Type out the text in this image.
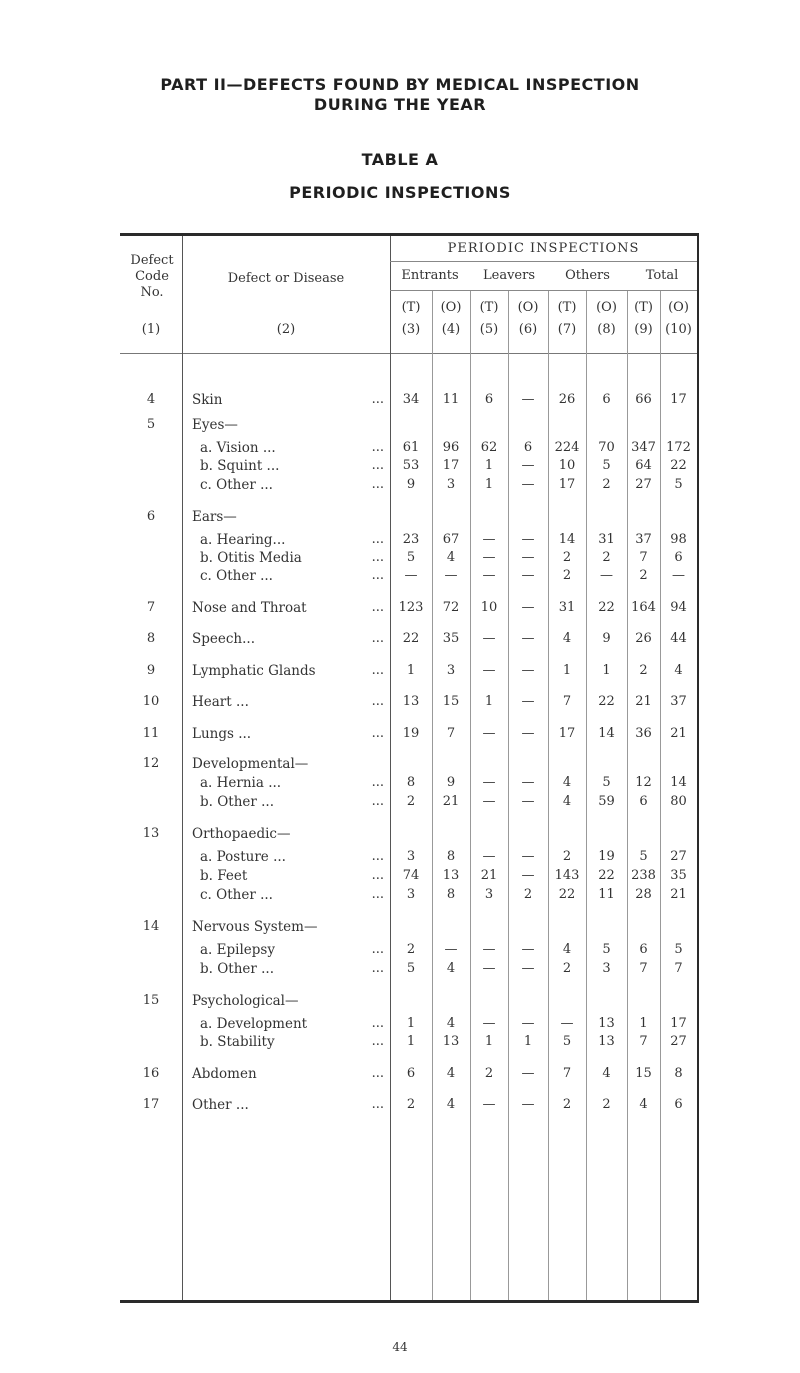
PART II—DEFECTS FOUND BY MEDICAL INSPECTION
DURING THE YEAR
TABLE A
PERIODIC INSPECTIONS
PERIODIC INSPECTIONS
Defect
Code
No.
Defect or Disease	Entrants	Leavers	Others	Total
(T)	(O)	(T)	(O)	(T)	(O)	(T)	(O)
(1)	(2)	(3)	(4)	(5)	(6)	(7)	(8)	(9) (10)
4	Skin	...	34	11	6	—	26	6	66	17
5	Eyes—
a. Vision ...	...	61	96	62	6	224	70	347 172
b. Squint ...	...	53	17	1	—	10	5	64	22
c. Other ...	...	9	3	1	—	17	2	27	5
6	Ears—
a. Hearing...	...	23	67	—	—	14	31	37	98
b. Otitis Media	...	5	4	—	—	2	2	7	6
c. Other ...	...	—	—	—	—	2	—	2	—
7	Nose and Throat	...	123	72	10	—	31	22	164	94
8	Speech...	...	22	35	—	—	4	9	26	44
9	Lymphatic Glands	...	1	3	—	—	1	1	2	4
10	Heart ...	...	13	15	1	—	7	22	21	37
11	Lungs ...	...	19	7	—	—	17	14	36	21
12	Developmental—
a. Hernia ...	...	8	9	—	—	4	5	12	14
b. Other ...	...	2	21	—	—	4	59	6	80
13	Orthopaedic—
a. Posture ...	...	3	8	—	—	2	19	5	27
b. Feet	...	74	13	21	—	143	22	238	35
c. Other ...	...	3	8	3	2	22	11	28	21
14	Nervous System—
a. Epilepsy	...	2	—	—	—	4	5	6	5
b. Other ...	...	5	4	—	—	2	3	7	7
15	Psychological—
a. Development	...	1	4	—	—	—	13	1	17
b. Stability	...	1	13	1	1	5	13	7	27
16	Abdomen	...	6	4	2	—	7	4	15	8
17	Other ...	...	2	4	—	—	2	2	4	6
44
